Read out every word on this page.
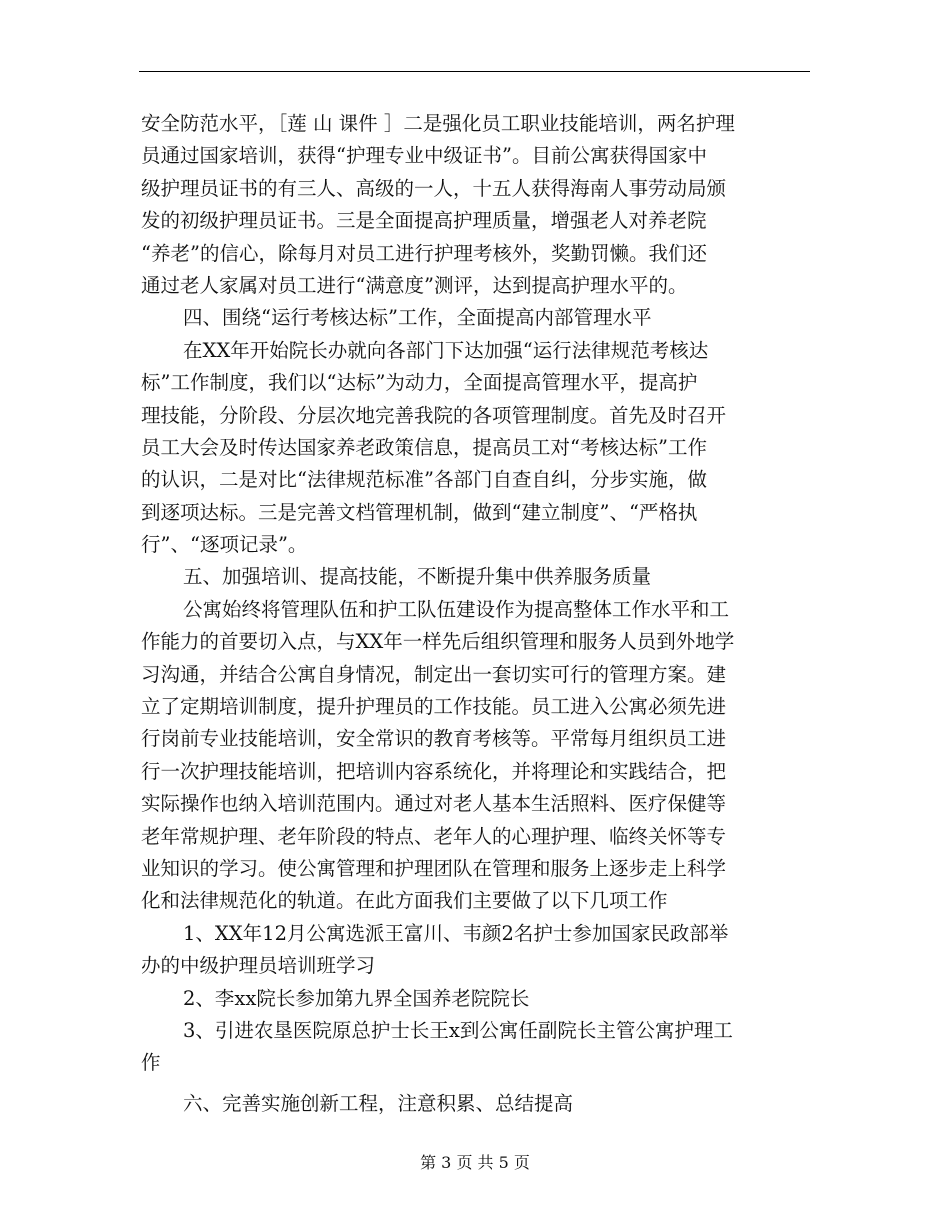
安全防范水平，［莲 山 课件 ］二是强化员工职业技能培训，两名护理
员通过国家培训，获得“护理专业中级证书”。目前公寓获得国家中
级护理员证书的有三人、高级的一人，十五人获得海南人事劳动局颁
发的初级护理员证书。三是全面提高护理质量，增强老人对养老院
“养老”的信心，除每月对员工进行护理考核外，奖勤罚懒。我们还
通过老人家属对员工进行“满意度”测评，达到提高护理水平的。
四、围绕“运行考核达标”工作，全面提高内部管理水平
在XX年开始院长办就向各部门下达加强“运行法律规范考核达
标”工作制度，我们以“达标”为动力，全面提高管理水平，提高护
理技能，分阶段、分层次地完善我院的各项管理制度。首先及时召开
员工大会及时传达国家养老政策信息，提高员工对“考核达标”工作
的认识，二是对比“法律规范标准”各部门自查自纠，分步实施，做
到逐项达标。三是完善文档管理机制，做到“建立制度”、“严格执
行”、“逐项记录”。
五、加强培训、提高技能，不断提升集中供养服务质量
公寓始终将管理队伍和护工队伍建设作为提高整体工作水平和工
作能力的首要切入点，与XX年一样先后组织管理和服务人员到外地学
习沟通，并结合公寓自身情况，制定出一套切实可行的管理方案。建
立了定期培训制度，提升护理员的工作技能。员工进入公寓必须先进
行岗前专业技能培训，安全常识的教育考核等。平常每月组织员工进
行一次护理技能培训，把培训内容系统化，并将理论和实践结合，把
实际操作也纳入培训范围内。通过对老人基本生活照料、医疗保健等
老年常规护理、老年阶段的特点、老年人的心理护理、临终关怀等专
业知识的学习。使公寓管理和护理团队在管理和服务上逐步走上科学
化和法律规范化的轨道。在此方面我们主要做了以下几项工作
1、XX年12月公寓选派王富川、韦颜2名护士参加国家民政部举
办的中级护理员培训班学习
2、李xx院长参加第九界全国养老院院长
3、引进农垦医院原总护士长王x到公寓任副院长主管公寓护理工
作
六、完善实施创新工程，注意积累、总结提高
第 3 页 共 5 页
